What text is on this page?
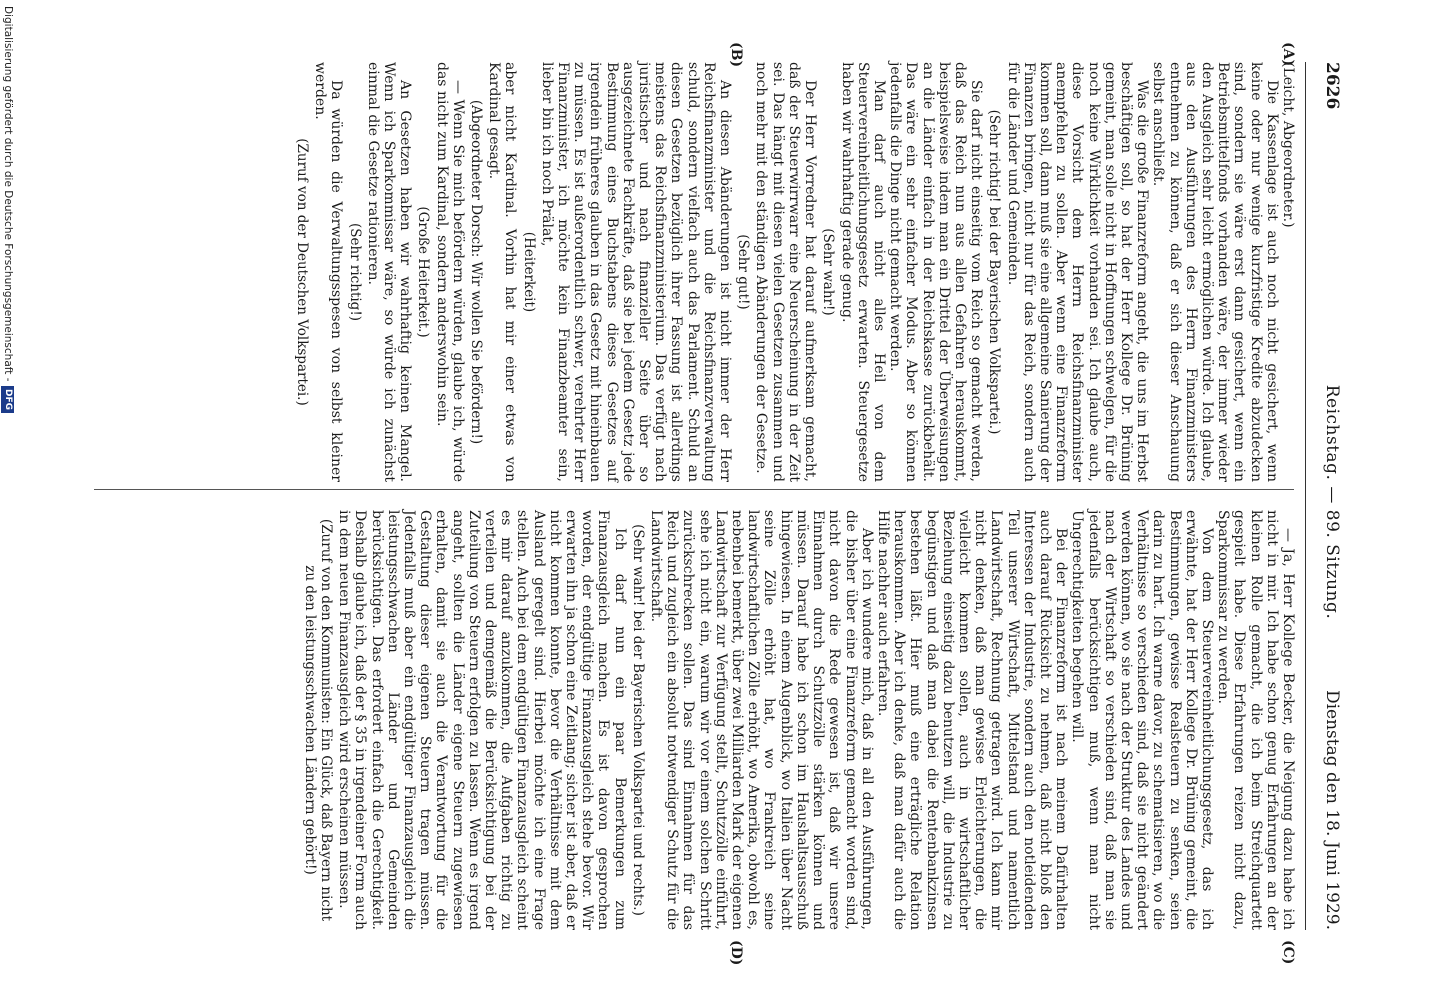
2626
Reichstag. — 89. Sitzung.
Dienstag den 18. Juni 1929.
(A)
(B)
(C)
(D)

(Leicht, Abgeordneter.)

Die Kassenlage ist auch noch nicht gesichert, wenn keine oder nur wenige kurzfristige Kredite abzudecken sind, sondern sie wäre erst dann gesichert, wenn ein Betriebsmittelfonds vorhanden wäre, der immer wieder den Ausgleich sehr leicht ermöglichen würde. Ich glaube, aus den Ausführungen des Herrn Finanzministers entnehmen zu können, daß er sich dieser Anschauung selbst anschließt.

Was die große Finanzreform angeht, die uns im Herbst beschäftigen soll, so hat der Herr Kollege Dr. Brüning gemeint, man solle nicht in Hoffnungen schwelgen, für die noch keine Wirklichkeit vorhanden sei. Ich glaube auch, diese Vorsicht dem Herrn Reichsfinanzminister anempfehlen zu sollen. Aber wenn eine Finanzreform kommen soll, dann muß sie eine allgemeine Sanierung der Finanzen bringen, nicht nur für das Reich, sondern auch für die Länder und Gemeinden.

(Sehr richtig! bei der Bayerischen Volkspartei.)

Sie darf nicht einseitig vom Reich so gemacht werden, daß das Reich nun aus allen Gefahren herauskommt, beispielsweise indem man ein Drittel der Überweisungen an die Länder einfach in der Reichskasse zurückbehält. Das wäre ein sehr einfacher Modus. Aber so können jedenfalls die Dinge nicht gemacht werden.

Man darf auch nicht alles Heil von dem Steuervereinheitlichungsgesetz erwarten. Steuergesetze haben wir wahrhaftig gerade genug.

(Sehr wahr!)

Der Herr Vorredner hat darauf aufmerksam gemacht, daß der Steuerwirrwarr eine Neuerscheinung in der Zeit sei. Das hängt mit diesen vielen Gesetzen zusammen und noch mehr mit den ständigen Abänderungen der Gesetze.

(Sehr gut!)

An diesen Abänderungen ist nicht immer der Herr Reichsfinanzminister und die Reichsfinanzverwaltung schuld, sondern vielfach auch das Parlament. Schuld an diesen Gesetzen bezüglich ihrer Fassung ist allerdings meistens das Reichsfinanzministerium. Das verfügt nach juristischer und nach finanzieller Seite über so ausgezeichnete Fachkräfte, daß sie bei jedem Gesetz jede Bestimmung eines Buchstabens dieses Gesetzes auf irgendein früheres glauben in das Gesetz mit hineinbauen zu müssen. Es ist außerordentlich schwer, verehrter Herr Finanzminister, ich möchte kein Finanzbeamter sein, lieber bin ich noch Prälat,

(Heiterkeit)

aber nicht Kardinal. Vorhin hat mir einer etwas von Kardinal gesagt.

(Abgeordneter Dorsch: Wir wollen Sie befördern!)

— Wenn Sie mich befördern würden, glaube ich, würde das nicht zum Kardinal, sondern anderswohin sein.

(Große Heiterkeit.)

An Gesetzen haben wir wahrhaftig keinen Mangel. Wenn ich Sparkommissar wäre, so würde ich zunächst einmal die Gesetze rationieren.

(Sehr richtig!)

Da würden die Verwaltungsspesen von selbst kleiner werden.

(Zuruf von der Deutschen Volkspartei.)

— Ja, Herr Kollege Becker, die Neigung dazu habe ich nicht in mir. Ich habe schon genug Erfahrungen an der kleinen Rolle gemacht, die ich beim Streichquartett gespielt habe. Diese Erfahrungen reizen nicht dazu, Sparkommissar zu werden.

Von dem Steuervereinheitlichungsgesetz, das ich erwähnte, hat der Herr Kollege Dr. Brüning gemeint, die Bestimmungen, gewisse Realsteuern zu senken, seien darin zu hart. Ich warne davor, zu schematisieren, wo die Verhältnisse so verschieden sind, daß sie nicht geändert werden können, wo sie nach der Struktur des Landes und nach der Wirtschaft so verschieden sind, daß man sie jedenfalls berücksichtigen muß, wenn man nicht Ungerechtigkeiten begehen will.

Bei der Finanzreform ist nach meinem Dafürhalten auch darauf Rücksicht zu nehmen, daß nicht bloß den Interessen der Industrie, sondern auch den notleidenden Teil unserer Wirtschaft, Mittelstand und namentlich Landwirtschaft, Rechnung getragen wird. Ich kann mir nicht denken, daß man gewisse Erleichterungen, die vielleicht kommen sollen, auch in wirtschaftlicher Beziehung einseitig dazu benutzen will, die Industrie zu begünstigen und daß man dabei die Rentenbankzinsen bestehen läßt. Hier muß eine erträgliche Relation herauskommen. Aber ich denke, daß man dafür auch die Hilfe nachher auch erfahren.

Aber ich wundere mich, daß in all den Ausführungen, die bisher über eine Finanzreform gemacht worden sind, nicht davon die Rede gewesen ist, daß wir unsere Einnahmen durch Schutzzölle stärken können und müssen. Darauf habe ich schon im Haushaltsausschuß hingewiesen. In einem Augenblick, wo Italien über Nacht seine Zölle erhöht hat, wo Frankreich seine landwirtschaftlichen Zölle erhöht, wo Amerika, obwohl es, nebenbei bemerkt, über zwei Milliarden Mark der eigenen Landwirtschaft zur Verfügung stellt, Schutzzölle einführt, sehe ich nicht ein, warum wir vor einem solchen Schritt zurückschrecken sollen. Das sind Einnahmen für das Reich und zugleich ein absolut notwendiger Schutz für die Landwirtschaft.

(Sehr wahr! bei der Bayerischen Volkspartei und rechts.)

Ich darf nun ein paar Bemerkungen zum Finanzausgleich machen. Es ist davon gesprochen worden, der endgültige Finanzausgleich stehe bevor. Wir erwarten ihn ja schon eine Zeitlang; sicher ist aber, daß er nicht kommen konnte, bevor die Verhältnisse mit dem Ausland geregelt sind. Hierbei möchte ich eine Frage stellen. Auch bei dem endgültigen Finanzausgleich scheint es mir darauf anzukommen, die Aufgaben richtig zu verteilen und demgemäß die Berücksichtigung bei der Zuteilung von Steuern erfolgen zu lassen. Wenn es irgend angeht, sollten die Länder eigene Steuern zugewiesen erhalten, damit sie auch die Verantwortung für die Gestaltung dieser eigenen Steuern tragen müssen. Jedenfalls muß aber ein endgültiger Finanzausgleich die leistungsschwachen Länder und Gemeinden berücksichtigen. Das erfordert einfach die Gerechtigkeit. Deshalb glaube ich, daß der § 35 in irgendeiner Form auch in dem neuen Finanzausgleich wird erscheinen müssen.

(Zuruf von den Kommunisten: Ein Glück, daß Bayern nicht zu den leistungsschwachen Ländern gehört!)

Digitalisierung gefördert durch die Deutsche Forschungsgemeinschaft -
DFG
